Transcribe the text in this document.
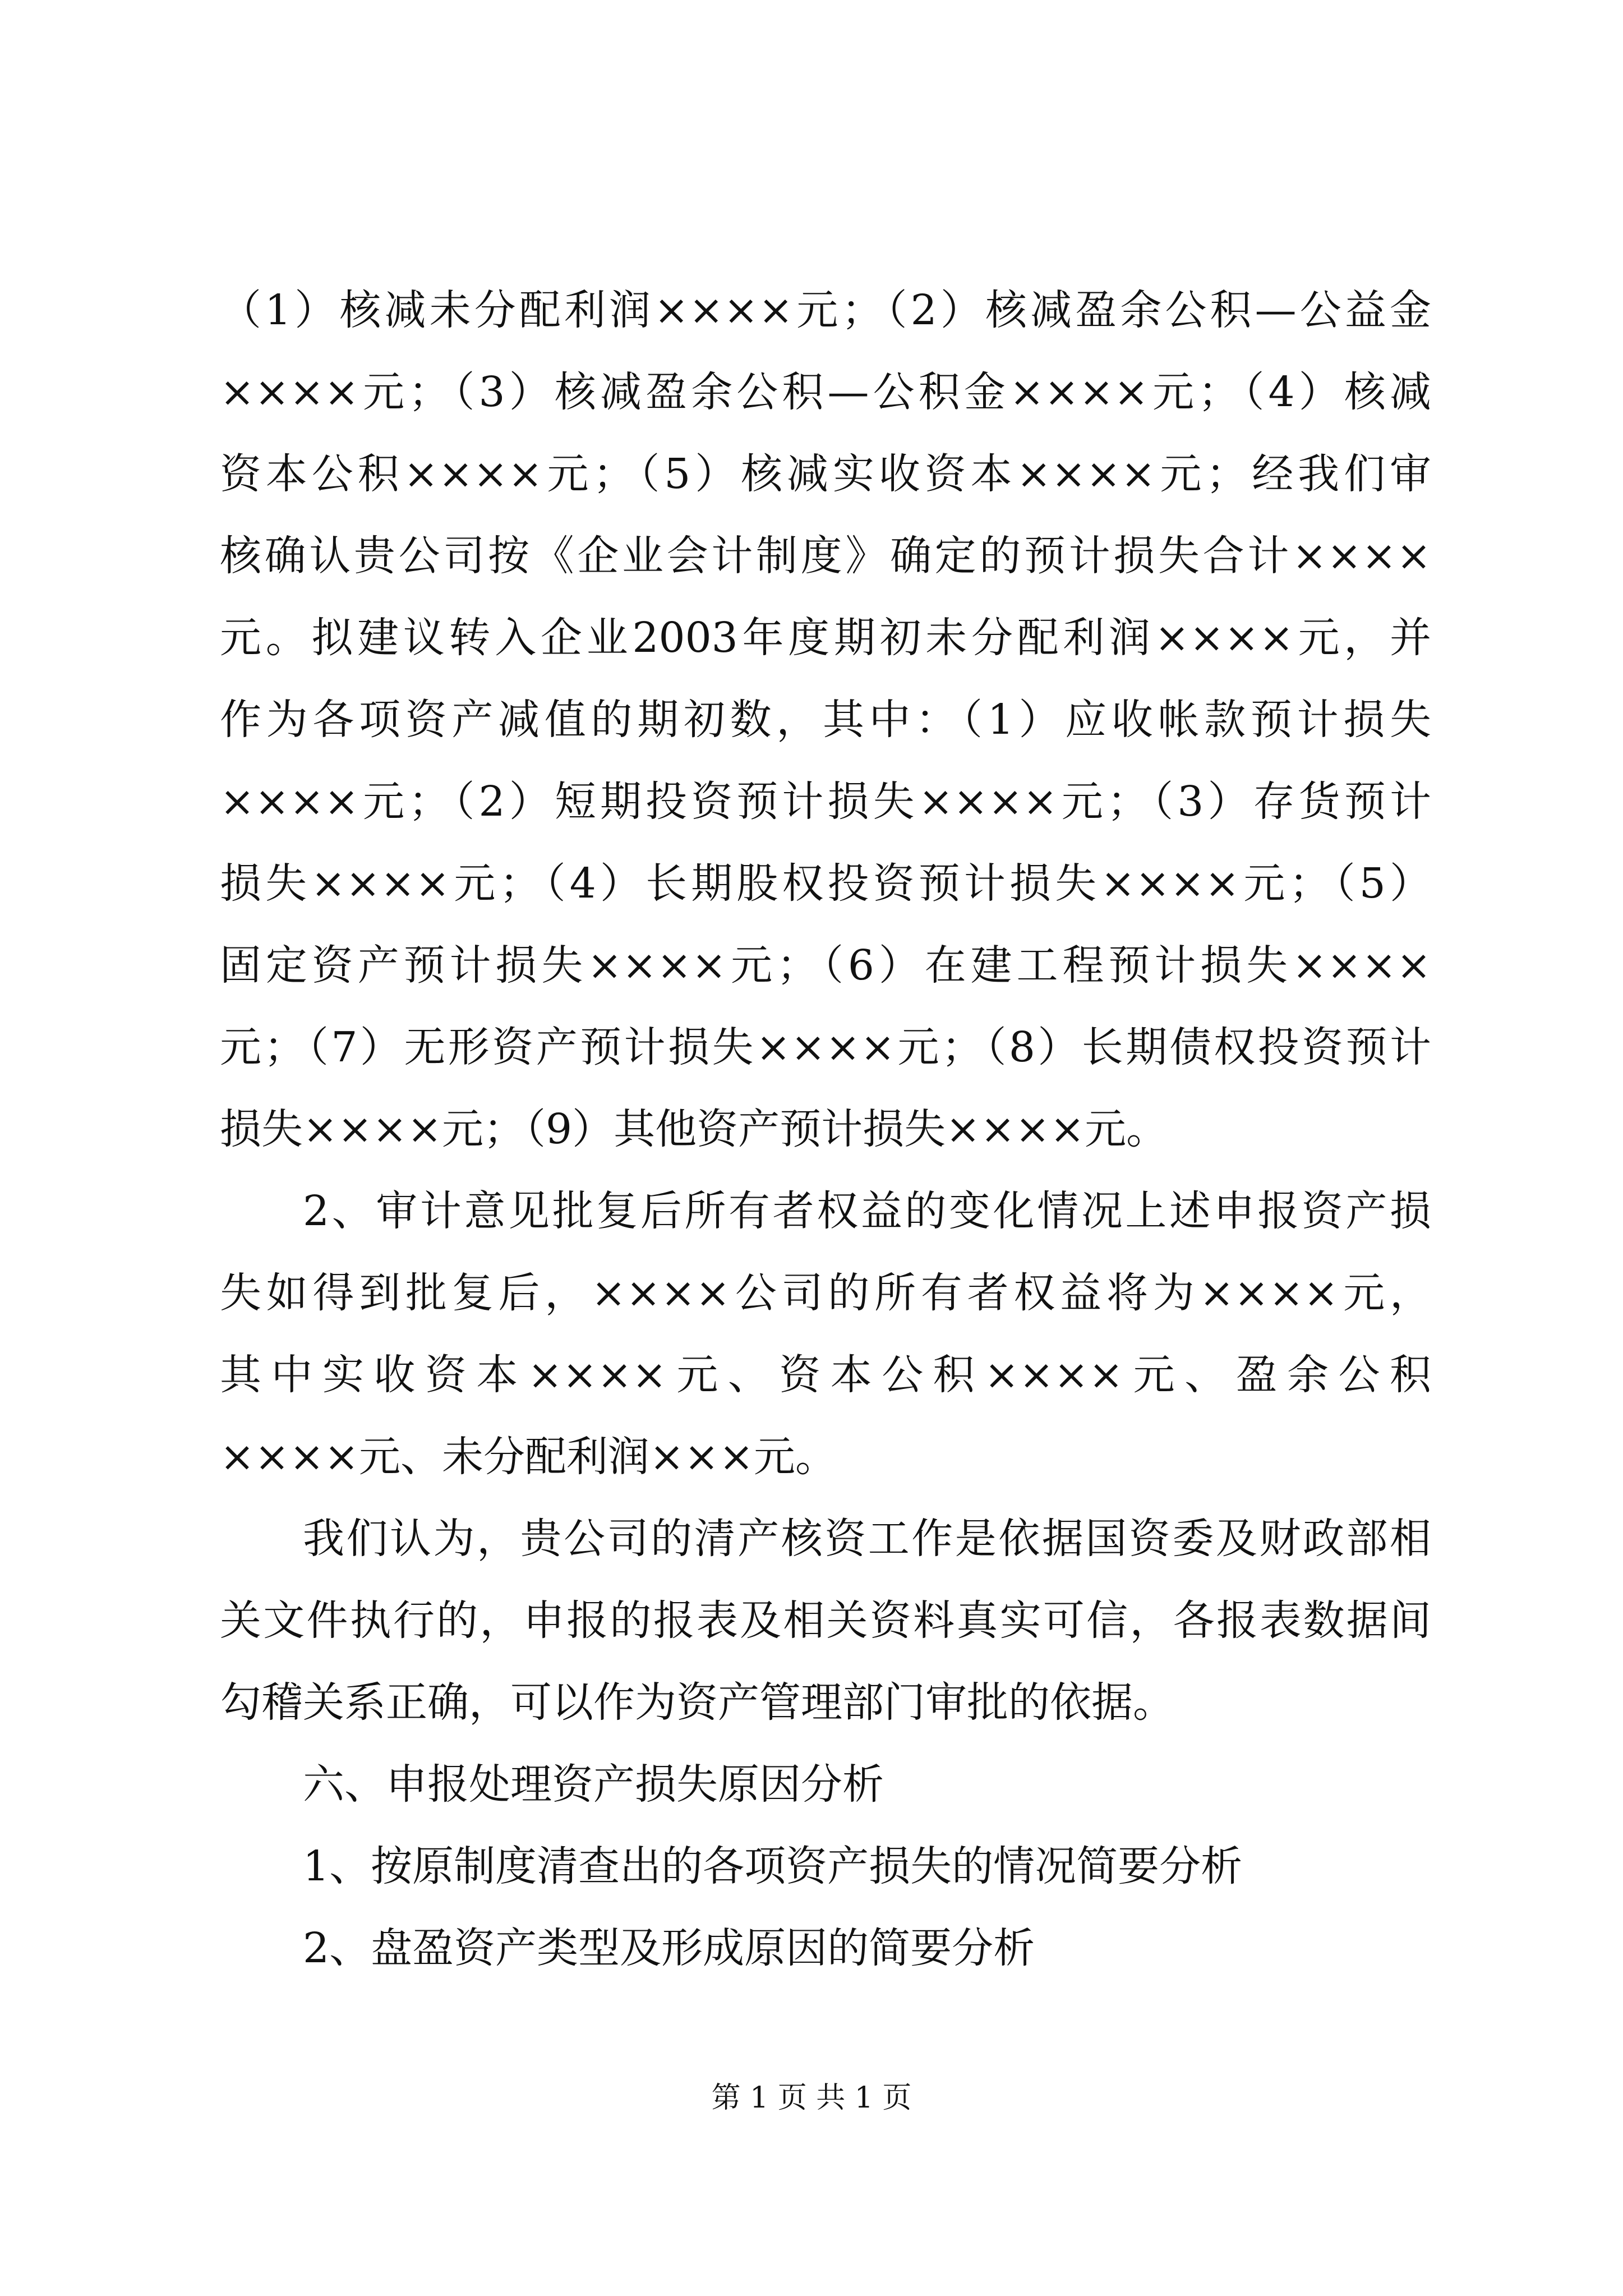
（1）核减未分配利润××××元；（2）核减盈余公积—公益金
××××元；（3）核减盈余公积—公积金××××元；（4）核减
资本公积××××元；（5）核减实收资本××××元；经我们审
核确认贵公司按《企业会计制度》确定的预计损失合计××××
元。拟建议转入企业2003年度期初未分配利润××××元，并
作为各项资产减值的期初数，其中：（1）应收帐款预计损失
××××元；（2）短期投资预计损失××××元；（3）存货预计
损失××××元；（4）长期股权投资预计损失××××元；（5）
固定资产预计损失××××元；（6）在建工程预计损失××××
元；（7）无形资产预计损失××××元；（8）长期债权投资预计
损失××××元；（9）其他资产预计损失××××元。
2、审计意见批复后所有者权益的变化情况上述申报资产损
失如得到批复后，××××公司的所有者权益将为××××元，
其中实收资本××××元、资本公积××××元、盈余公积
××××元、未分配利润×××元。
我们认为，贵公司的清产核资工作是依据国资委及财政部相
关文件执行的，申报的报表及相关资料真实可信，各报表数据间
勾稽关系正确，可以作为资产管理部门审批的依据。
六、申报处理资产损失原因分析
1、按原制度清查出的各项资产损失的情况简要分析
2、盘盈资产类型及形成原因的简要分析
第 1 页 共 1 页
